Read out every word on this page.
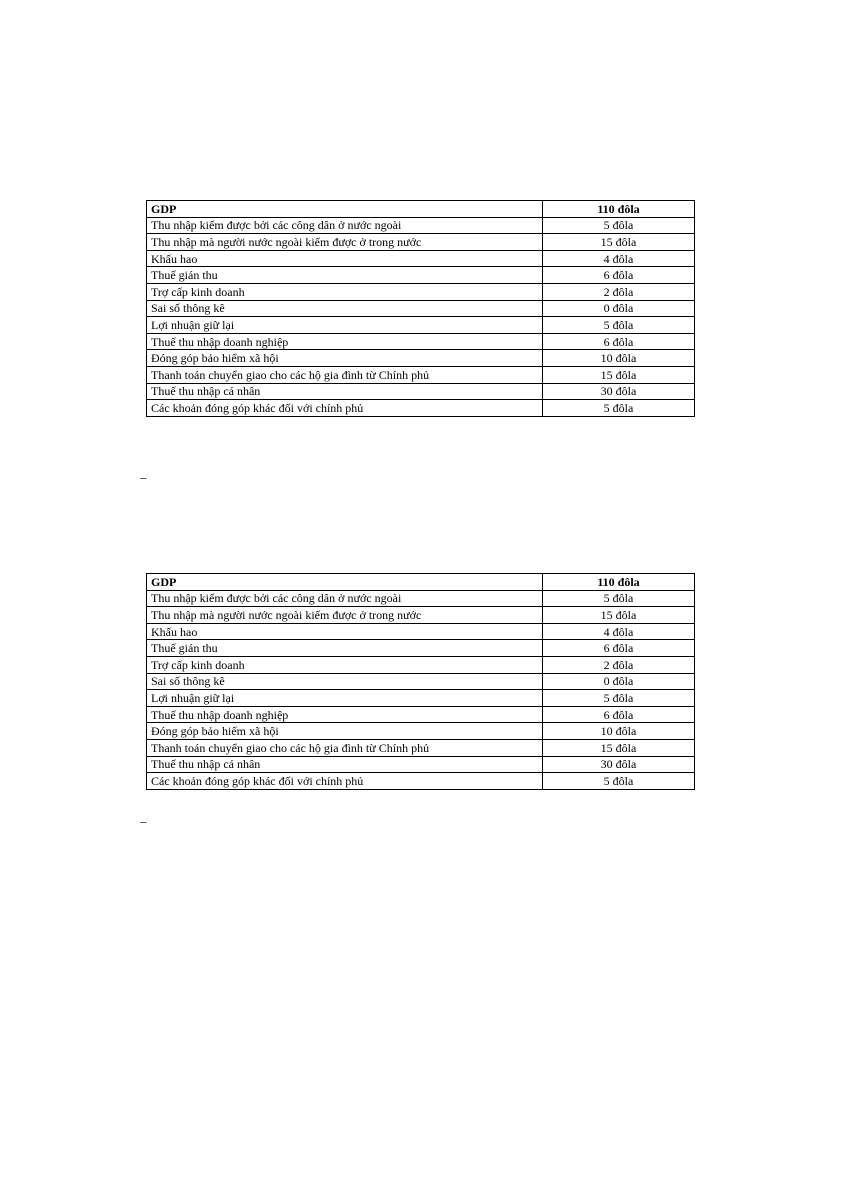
GDP	110 đôla
Thu nhập kiếm được bởi các công dân ở nước ngoài	5 đôla
Thu nhập mà người nước ngoài kiếm được ở trong nước	15 đôla
Khấu hao	4 đôla
Thuế gián thu	6 đôla
Trợ cấp kinh doanh	2 đôla
Sai số thông kê	0 đôla
Lợi nhuận giữ lại	5 đôla
Thuế thu nhập doanh nghiệp	6 đôla
Đóng góp bảo hiểm xã hội	10 đôla
Thanh toán chuyển giao cho các hộ gia đình từ Chính phủ	15 đôla
Thuế thu nhập cá nhân	30 đôla
Các khoản đóng góp khác đối với chính phủ	5 đôla
_
GDP	110 đôla
Thu nhập kiếm được bởi các công dân ở nước ngoài	5 đôla
Thu nhập mà người nước ngoài kiếm được ở trong nước	15 đôla
Khấu hao	4 đôla
Thuế gián thu	6 đôla
Trợ cấp kinh doanh	2 đôla
Sai số thông kê	0 đôla
Lợi nhuận giữ lại	5 đôla
Thuế thu nhập doanh nghiệp	6 đôla
Đóng góp bảo hiểm xã hội	10 đôla
Thanh toán chuyển giao cho các hộ gia đình từ Chính phủ	15 đôla
Thuế thu nhập cá nhân	30 đôla
Các khoản đóng góp khác đối với chính phủ	5 đôla
_
